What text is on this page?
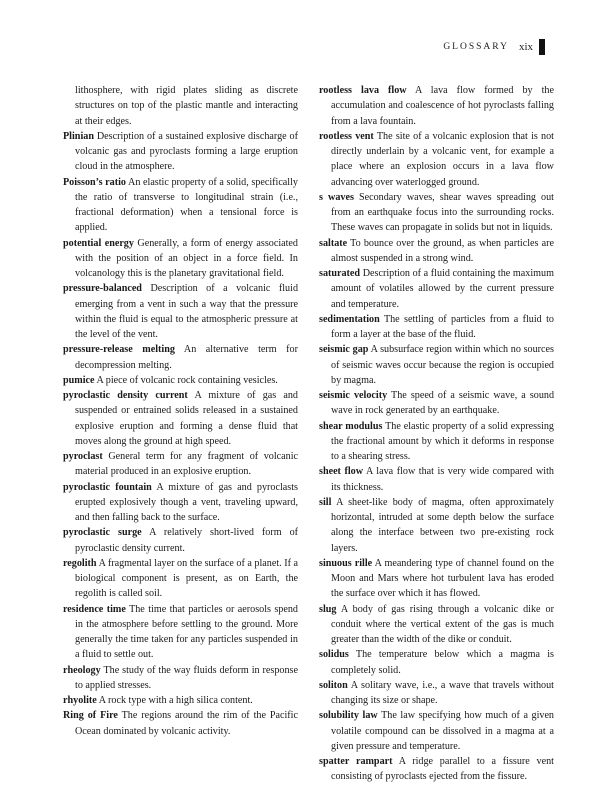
GLOSSARY xix

lithosphere, with rigid plates sliding as discrete structures on top of the plastic mantle and interacting at their edges.

Plinian Description of a sustained explosive discharge of volcanic gas and pyroclasts forming a large eruption cloud in the atmosphere.

Poisson’s ratio An elastic property of a solid, specifically the ratio of transverse to longitudinal strain (i.e., fractional deformation) when a tensional force is applied.

potential energy Generally, a form of energy associated with the position of an object in a force field. In volcanology this is the planetary gravitational field.

pressure-balanced Description of a volcanic fluid emerging from a vent in such a way that the pressure within the fluid is equal to the atmospheric pressure at the level of the vent.

pressure-release melting An alternative term for decompression melting.

pumice A piece of volcanic rock containing vesicles.

pyroclastic density current A mixture of gas and suspended or entrained solids released in a sustained explosive eruption and forming a dense fluid that moves along the ground at high speed.

pyroclast General term for any fragment of volcanic material produced in an explosive eruption.

pyroclastic fountain A mixture of gas and pyroclasts erupted explosively though a vent, traveling upward, and then falling back to the surface.

pyroclastic surge A relatively short-lived form of pyroclastic density current.

regolith A fragmental layer on the surface of a planet. If a biological component is present, as on Earth, the regolith is called soil.

residence time The time that particles or aerosols spend in the atmosphere before settling to the ground. More generally the time taken for any particles suspended in a fluid to settle out.

rheology The study of the way fluids deform in response to applied stresses.

rhyolite A rock type with a high silica content.

Ring of Fire The regions around the rim of the Pacific Ocean dominated by volcanic activity.

rootless lava flow A lava flow formed by the accumulation and coalescence of hot pyroclasts falling from a lava fountain.

rootless vent The site of a volcanic explosion that is not directly underlain by a volcanic vent, for example a place where an explosion occurs in a lava flow advancing over waterlogged ground.

s waves Secondary waves, shear waves spreading out from an earthquake focus into the surrounding rocks. These waves can propagate in solids but not in liquids.

saltate To bounce over the ground, as when particles are almost suspended in a strong wind.

saturated Description of a fluid containing the maximum amount of volatiles allowed by the current pressure and temperature.

sedimentation The settling of particles from a fluid to form a layer at the base of the fluid.

seismic gap A subsurface region within which no sources of seismic waves occur because the region is occupied by magma.

seismic velocity The speed of a seismic wave, a sound wave in rock generated by an earthquake.

shear modulus The elastic property of a solid expressing the fractional amount by which it deforms in response to a shearing stress.

sheet flow A lava flow that is very wide compared with its thickness.

sill A sheet-like body of magma, often approximately horizontal, intruded at some depth below the surface along the interface between two pre-existing rock layers.

sinuous rille A meandering type of channel found on the Moon and Mars where hot turbulent lava has eroded the surface over which it has flowed.

slug A body of gas rising through a volcanic dike or conduit where the vertical extent of the gas is much greater than the width of the dike or conduit.

solidus The temperature below which a magma is completely solid.

soliton A solitary wave, i.e., a wave that travels without changing its size or shape.

solubility law The law specifying how much of a given volatile compound can be dissolved in a magma at a given pressure and temperature.

spatter rampart A ridge parallel to a fissure vent consisting of pyroclasts ejected from the fissure.
